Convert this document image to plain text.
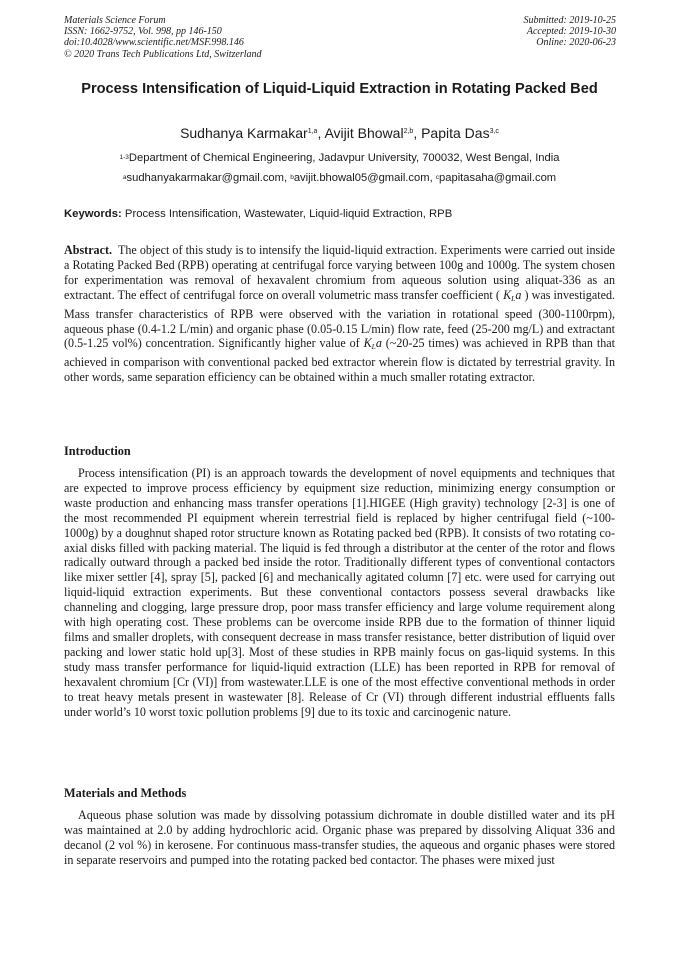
Materials Science Forum
ISSN: 1662-9752, Vol. 998, pp 146-150
doi:10.4028/www.scientific.net/MSF.998.146
© 2020 Trans Tech Publications Ltd, Switzerland
Submitted: 2019-10-25
Accepted: 2019-10-30
Online: 2020-06-23
Process Intensification of Liquid-Liquid Extraction in Rotating Packed Bed
Sudhanya Karmakar$^{1,a}$, Avijit Bhowal$^{2,b}$, Papita Das$^{3,c}$
$^{1-3}$Department of Chemical Engineering, Jadavpur University, 700032, West Bengal, India
$^a$sudhanyakarmakar@gmail.com, $^b$avijit.bhowal05@gmail.com, $^c$papitasaha@gmail.com
Keywords: Process Intensification, Wastewater, Liquid-liquid Extraction, RPB
Abstract. The object of this study is to intensify the liquid-liquid extraction. Experiments were carried out inside a Rotating Packed Bed (RPB) operating at centrifugal force varying between 100g and 1000g. The system chosen for experimentation was removal of hexavalent chromium from aqueous solution using aliquat-336 as an extractant. The effect of centrifugal force on overall volumetric mass transfer coefficient ( $K_La$ ) was investigated. Mass transfer characteristics of RPB were observed with the variation in rotational speed (300-1100rpm), aqueous phase (0.4-1.2 L/min) and organic phase (0.05-0.15 L/min) flow rate, feed (25-200 mg/L) and extractant (0.5-1.25 vol%) concentration. Significantly higher value of $K_La$ (~20-25 times) was achieved in RPB than that achieved in comparison with conventional packed bed extractor wherein flow is dictated by terrestrial gravity. In other words, same separation efficiency can be obtained within a much smaller rotating extractor.
Introduction
Process intensification (PI) is an approach towards the development of novel equipments and techniques that are expected to improve process efficiency by equipment size reduction, minimizing energy consumption or waste production and enhancing mass transfer operations [1].HIGEE (High gravity) technology [2-3] is one of the most recommended PI equipment wherein terrestrial field is replaced by higher centrifugal field (~100-1000g) by a doughnut shaped rotor structure known as Rotating packed bed (RPB). It consists of two rotating co-axial disks filled with packing material. The liquid is fed through a distributor at the center of the rotor and flows radically outward through a packed bed inside the rotor. Traditionally different types of conventional contactors like mixer settler [4], spray [5], packed [6] and mechanically agitated column [7] etc. were used for carrying out liquid-liquid extraction experiments. But these conventional contactors possess several drawbacks like channeling and clogging, large pressure drop, poor mass transfer efficiency and large volume requirement along with high operating cost. These problems can be overcome inside RPB due to the formation of thinner liquid films and smaller droplets, with consequent decrease in mass transfer resistance, better distribution of liquid over packing and lower static hold up[3]. Most of these studies in RPB mainly focus on gas-liquid systems. In this study mass transfer performance for liquid-liquid extraction (LLE) has been reported in RPB for removal of hexavalent chromium [Cr (VI)] from wastewater.LLE is one of the most effective conventional methods in order to treat heavy metals present in wastewater [8]. Release of Cr (VI) through different industrial effluents falls under world’s 10 worst toxic pollution problems [9] due to its toxic and carcinogenic nature.
Materials and Methods
Aqueous phase solution was made by dissolving potassium dichromate in double distilled water and its pH was maintained at 2.0 by adding hydrochloric acid. Organic phase was prepared by dissolving Aliquat 336 and decanol (2 vol %) in kerosene. For continuous mass-transfer studies, the aqueous and organic phases were stored in separate reservoirs and pumped into the rotating packed bed contactor. The phases were mixed just
